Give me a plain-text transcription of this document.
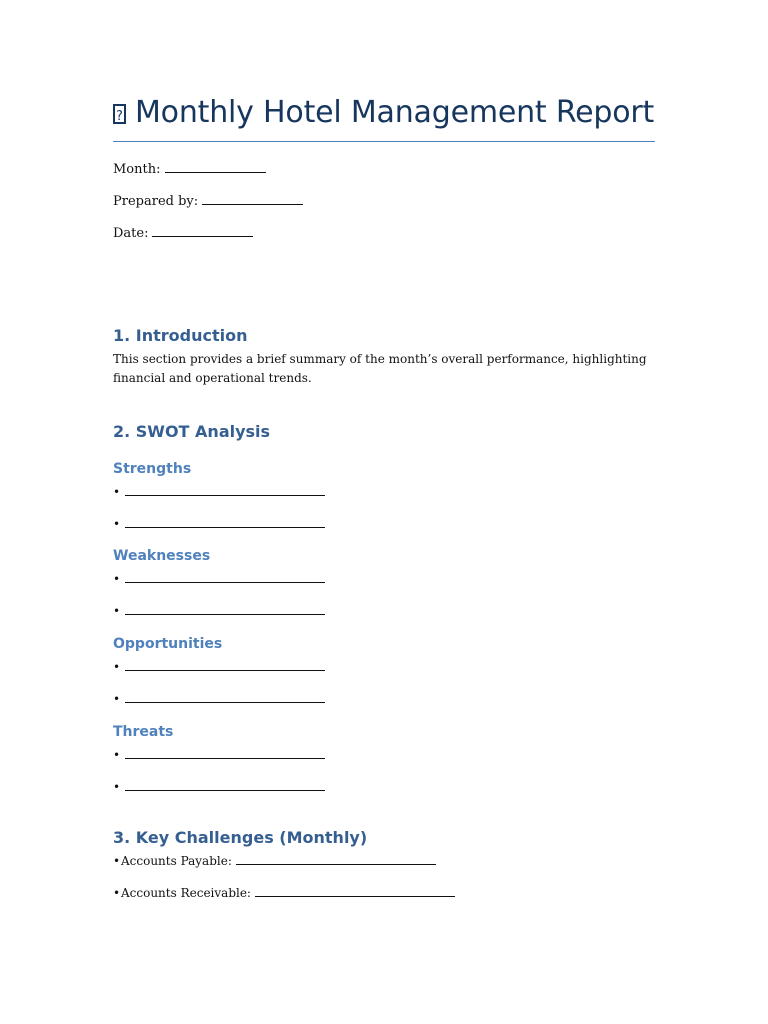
?Monthly Hotel Management Report
Month:
Prepared by:
Date:
1. Introduction

This section provides a brief summary of the month’s overall performance, highlighting financial and operational trends.

2. SWOT Analysis
Strengths
•
•
Weaknesses
•
•
Opportunities
•
•
Threats
•
•
3. Key Challenges (Monthly)
•Accounts Payable:
•Accounts Receivable:
